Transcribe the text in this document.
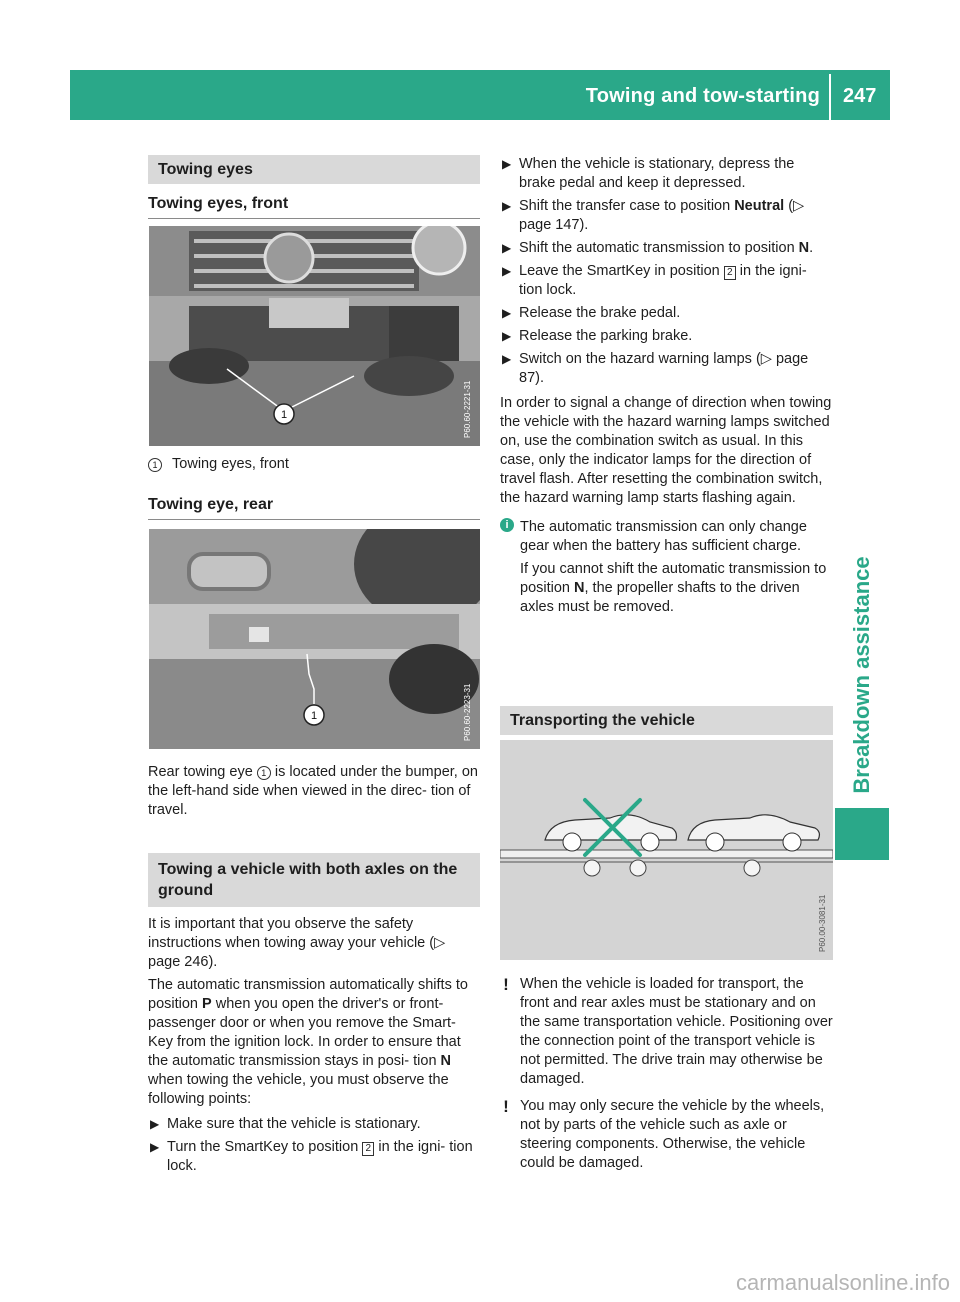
Towing and tow-starting 247
Breakdown assistance
Towing eyes
Towing eyes, front
1	P60.60-2221-31
1 Towing eyes, front
Towing eye, rear
1	P60.60-2223-31

Rear towing eye 1 is located under the bumper, on the left-hand side when viewed in the direc- tion of travel.

Towing a vehicle with both axles on the ground

It is important that you observe the safety instructions when towing away your vehicle (▷ page 246).

The automatic transmission automatically shifts to position P when you open the driver's or front-passenger door or when you remove the Smart- Key from the ignition lock. In order to ensure that the automatic transmission stays in posi- tion N when towing the vehicle, you must observe the following points:

▶ Make sure that the vehicle is stationary.
▶ Turn the SmartKey to position 2 in the igni- tion lock.
▶ When the vehicle is stationary, depress the brake pedal and keep it depressed.
▶ Shift the transfer case to position Neutral (▷ page 147).
▶ Shift the automatic transmission to position N.
▶ Leave the SmartKey in position 2 in the igni- tion lock.
▶ Release the brake pedal.
▶ Release the parking brake.
▶ Switch on the hazard warning lamps (▷ page 87).

In order to signal a change of direction when towing the vehicle with the hazard warning lamps switched on, use the combination switch as usual. In this case, only the indicator lamps for the direction of travel flash. After resetting the combination switch, the hazard warning lamp starts flashing again.

i The automatic transmission can only change gear when the battery has sufficient charge.

If you cannot shift the automatic transmission to position N, the propeller shafts to the driven axles must be removed.

Transporting the vehicle
P60.00-3081-31
! When the vehicle is loaded for transport, the front and rear axles must be stationary and on the same transportation vehicle. Positioning over the connection point of the transport vehicle is not permitted. The drive train may otherwise be damaged.

! You may only secure the vehicle by the wheels, not by parts of the vehicle such as axle or steering components. Otherwise, the vehicle could be damaged.

carmanualsonline.info
